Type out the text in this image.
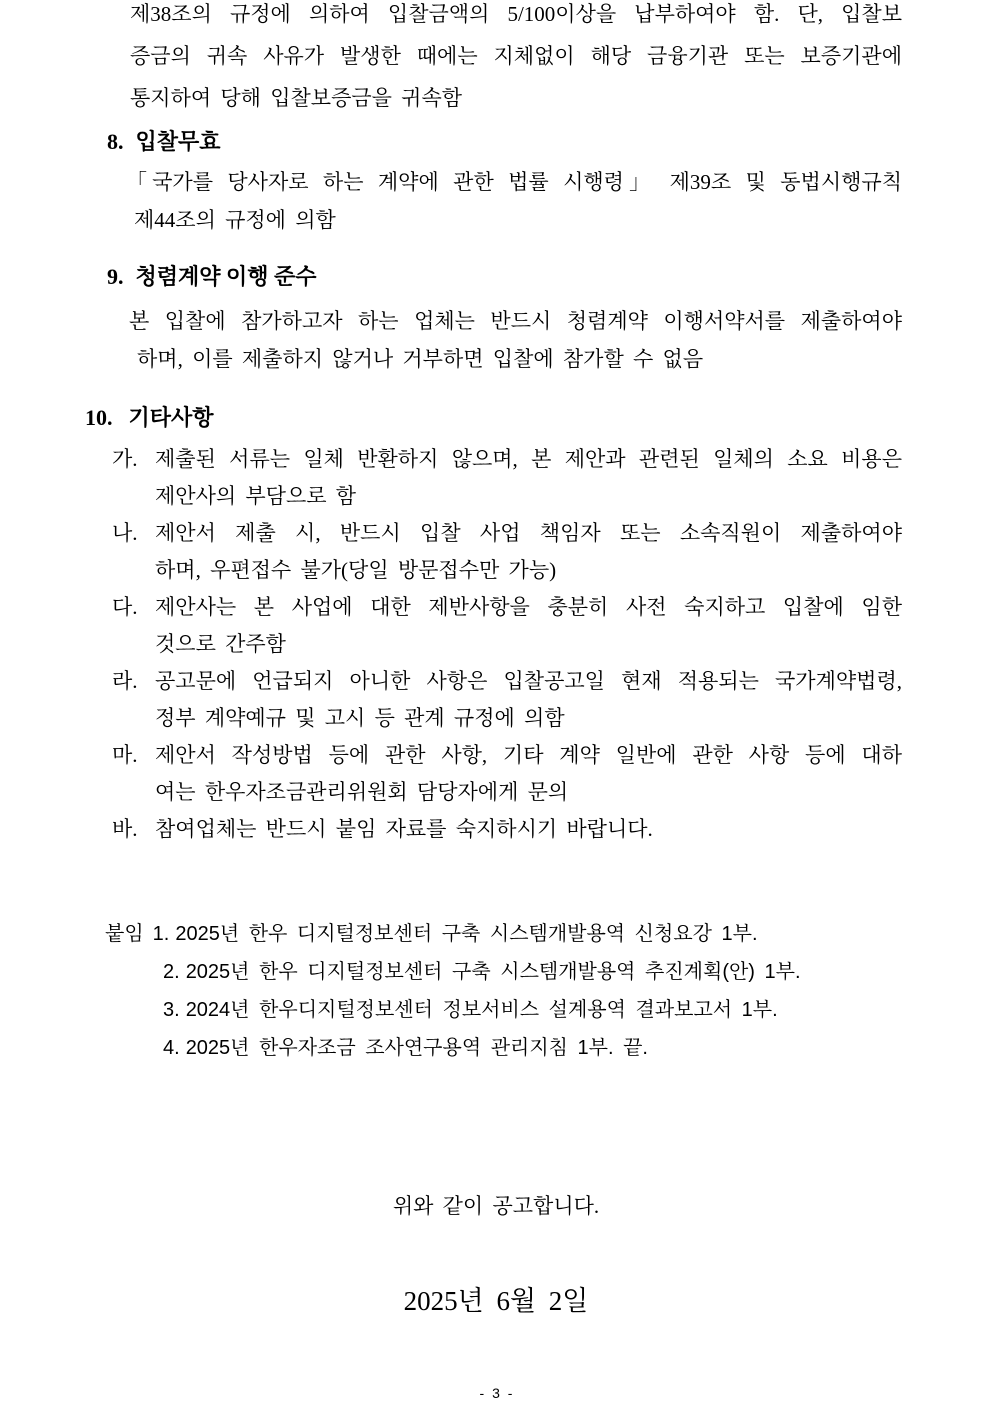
제38조의 규정에 의하여 입찰금액의 5/100이상을 납부하여야 함. 단, 입찰보
증금의 귀속 사유가 발생한 때에는 지체없이 해당 금융기관 또는 보증기관에
통지하여 당해 입찰보증금을 귀속함
8. 입찰무효
「국가를 당사자로 하는 계약에 관한 법률 시행령」 제39조 및 동법시행규칙
제44조의 규정에 의함
9. 청렴계약 이행 준수
본 입찰에 참가하고자 하는 업체는 반드시 청렴계약 이행서약서를 제출하여야
하며, 이를 제출하지 않거나 거부하면 입찰에 참가할 수 없음
10. 기타사항
가. 제출된 서류는 일체 반환하지 않으며, 본 제안과 관련된 일체의 소요 비용은
제안사의 부담으로 함
나. 제안서 제출 시, 반드시 입찰 사업 책임자 또는 소속직원이 제출하여야
하며, 우편접수 불가(당일 방문접수만 가능)
다. 제안사는 본 사업에 대한 제반사항을 충분히 사전 숙지하고 입찰에 임한
것으로 간주함
라. 공고문에 언급되지 아니한 사항은 입찰공고일 현재 적용되는 국가계약법령,
정부 계약예규 및 고시 등 관계 규정에 의함
마. 제안서 작성방법 등에 관한 사항, 기타 계약 일반에 관한 사항 등에 대하
여는 한우자조금관리위원회 담당자에게 문의
바. 참여업체는 반드시 붙임 자료를 숙지하시기 바랍니다.
붙임 1. 2025년 한우 디지털정보센터 구축 시스템개발용역 신청요강 1부.
2. 2025년 한우 디지털정보센터 구축 시스템개발용역 추진계획(안) 1부.
3. 2024년 한우디지털정보센터 정보서비스 설계용역 결과보고서 1부.
4. 2025년 한우자조금 조사연구용역 관리지침 1부. 끝.
위와 같이 공고합니다.
2025년 6월 2일
- 3 -
